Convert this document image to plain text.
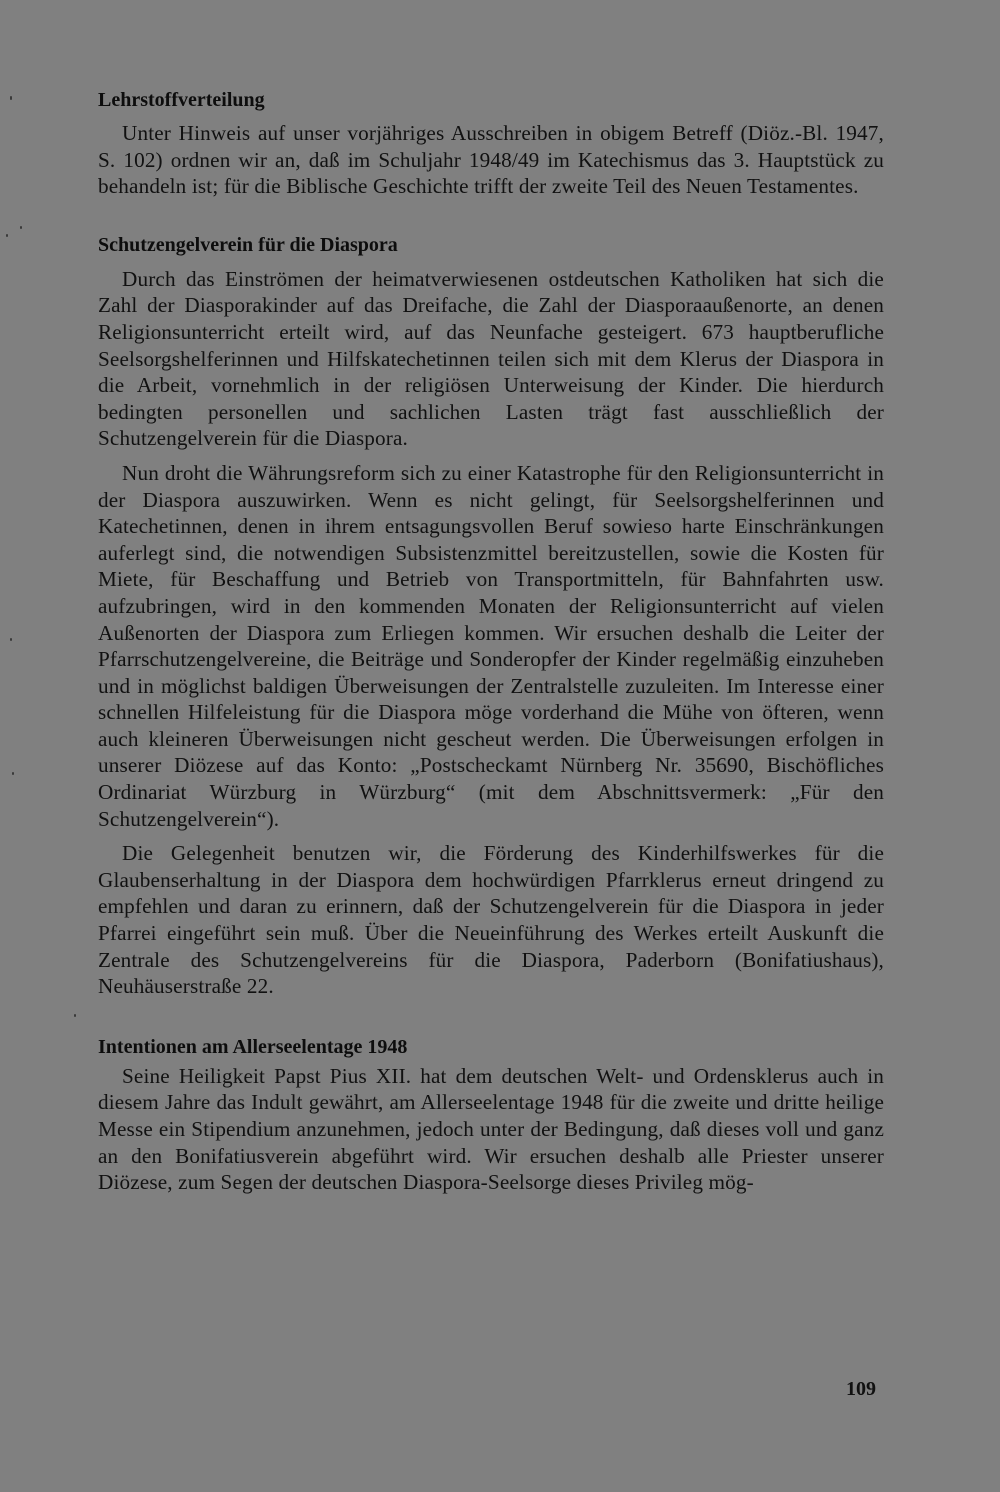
Lehrstoffverteilung

Unter Hinweis auf unser vorjähriges Ausschreiben in obigem Betreff (Diöz.-Bl. 1947, S. 102) ordnen wir an, daß im Schuljahr 1948/49 im Katechismus das 3. Hauptstück zu behandeln ist; für die Biblische Geschichte trifft der zweite Teil des Neuen Testamentes.

Schutzengelverein für die Diaspora

Durch das Einströmen der heimatverwiesenen ostdeutschen Katholiken hat sich die Zahl der Diasporakinder auf das Dreifache, die Zahl der Diasporaaußenorte, an denen Religionsunterricht erteilt wird, auf das Neunfache gesteigert. 673 hauptberufliche Seelsorgshelferinnen und Hilfskatechetinnen teilen sich mit dem Klerus der Diaspora in die Arbeit, vornehmlich in der religiösen Unterweisung der Kinder. Die hierdurch bedingten personellen und sachlichen Lasten trägt fast ausschließlich der Schutzengelverein für die Diaspora.

Nun droht die Währungsreform sich zu einer Katastrophe für den Religionsunterricht in der Diaspora auszuwirken. Wenn es nicht gelingt, für Seelsorgshelferinnen und Katechetinnen, denen in ihrem entsagungsvollen Beruf sowieso harte Einschränkungen auferlegt sind, die notwendigen Subsistenzmittel bereitzustellen, sowie die Kosten für Miete, für Beschaffung und Betrieb von Transportmitteln, für Bahnfahrten usw. aufzubringen, wird in den kommenden Monaten der Religionsunterricht auf vielen Außenorten der Diaspora zum Erliegen kommen. Wir ersuchen deshalb die Leiter der Pfarrschutzengelvereine, die Beiträge und Sonderopfer der Kinder regelmäßig einzuheben und in möglichst baldigen Überweisungen der Zentralstelle zuzuleiten. Im Interesse einer schnellen Hilfeleistung für die Diaspora möge vorderhand die Mühe von öfteren, wenn auch kleineren Überweisungen nicht gescheut werden. Die Überweisungen erfolgen in unserer Diözese auf das Konto: „Postscheckamt Nürnberg Nr. 35690, Bischöfliches Ordinariat Würzburg in Würzburg“ (mit dem Abschnittsvermerk: „Für den Schutzengelverein“).

Die Gelegenheit benutzen wir, die Förderung des Kinderhilfswerkes für die Glaubenserhaltung in der Diaspora dem hochwürdigen Pfarrklerus erneut dringend zu empfehlen und daran zu erinnern, daß der Schutzengelverein für die Diaspora in jeder Pfarrei eingeführt sein muß. Über die Neueinführung des Werkes erteilt Auskunft die Zentrale des Schutzengelvereins für die Diaspora, Paderborn (Bonifatiushaus), Neuhäuserstraße 22.

Intentionen am Allerseelentage 1948

Seine Heiligkeit Papst Pius XII. hat dem deutschen Welt- und Ordensklerus auch in diesem Jahre das Indult gewährt, am Allerseelentage 1948 für die zweite und dritte heilige Messe ein Stipendium anzunehmen, jedoch unter der Bedingung, daß dieses voll und ganz an den Bonifatiusverein abgeführt wird. Wir ersuchen deshalb alle Priester unserer Diözese, zum Segen der deutschen Diaspora-Seelsorge dieses Privileg mög-

109
